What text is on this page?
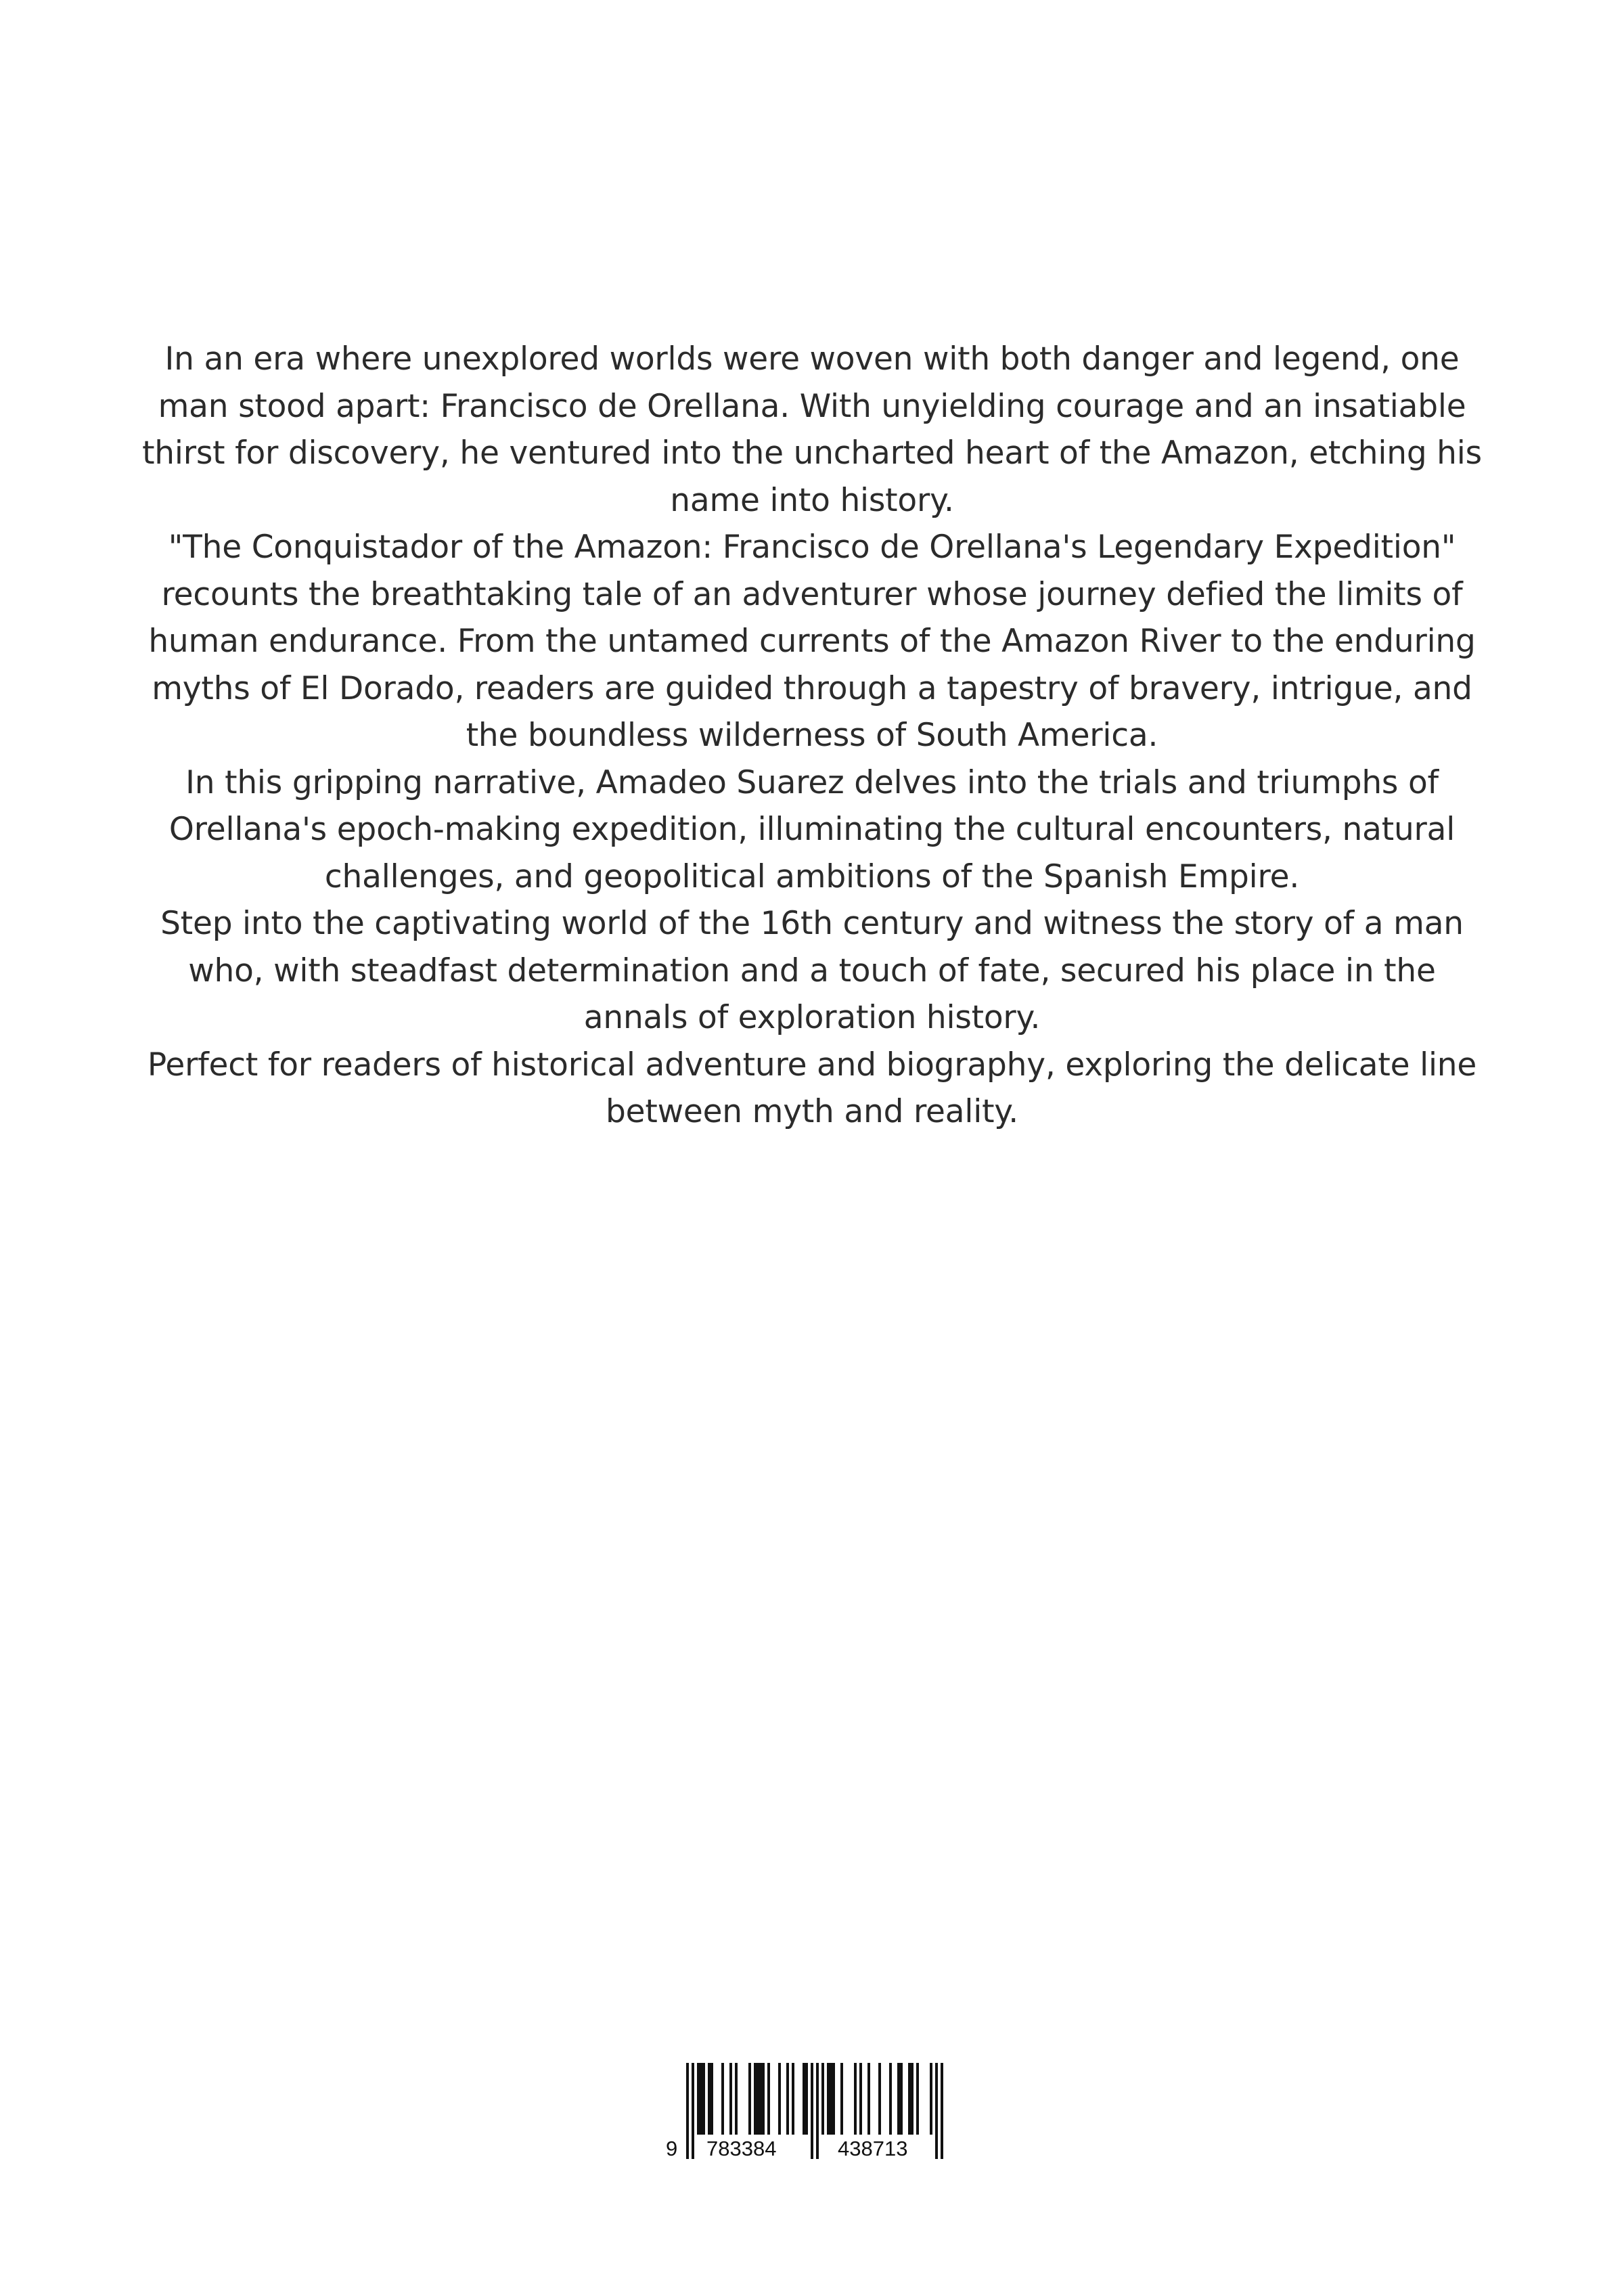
In an era where unexplored worlds were woven with both danger and legend, one man stood apart: Francisco de Orellana. With unyielding courage and an insatiable thirst for discovery, he ventured into the uncharted heart of the Amazon, etching his name into history.

"The Conquistador of the Amazon: Francisco de Orellana's Legendary Expedition" recounts the breathtaking tale of an adventurer whose journey defied the limits of human endurance. From the untamed currents of the Amazon River to the enduring myths of El Dorado, readers are guided through a tapestry of bravery, intrigue, and the boundless wilderness of South America.

In this gripping narrative, Amadeo Suarez delves into the trials and triumphs of Orellana's epoch-making expedition, illuminating the cultural encounters, natural challenges, and geopolitical ambitions of the Spanish Empire.

Step into the captivating world of the 16th century and witness the story of a man who, with steadfast determination and a touch of fate, secured his place in the annals of exploration history.

Perfect for readers of historical adventure and biography, exploring the delicate line between myth and reality.

9 783384	438713
